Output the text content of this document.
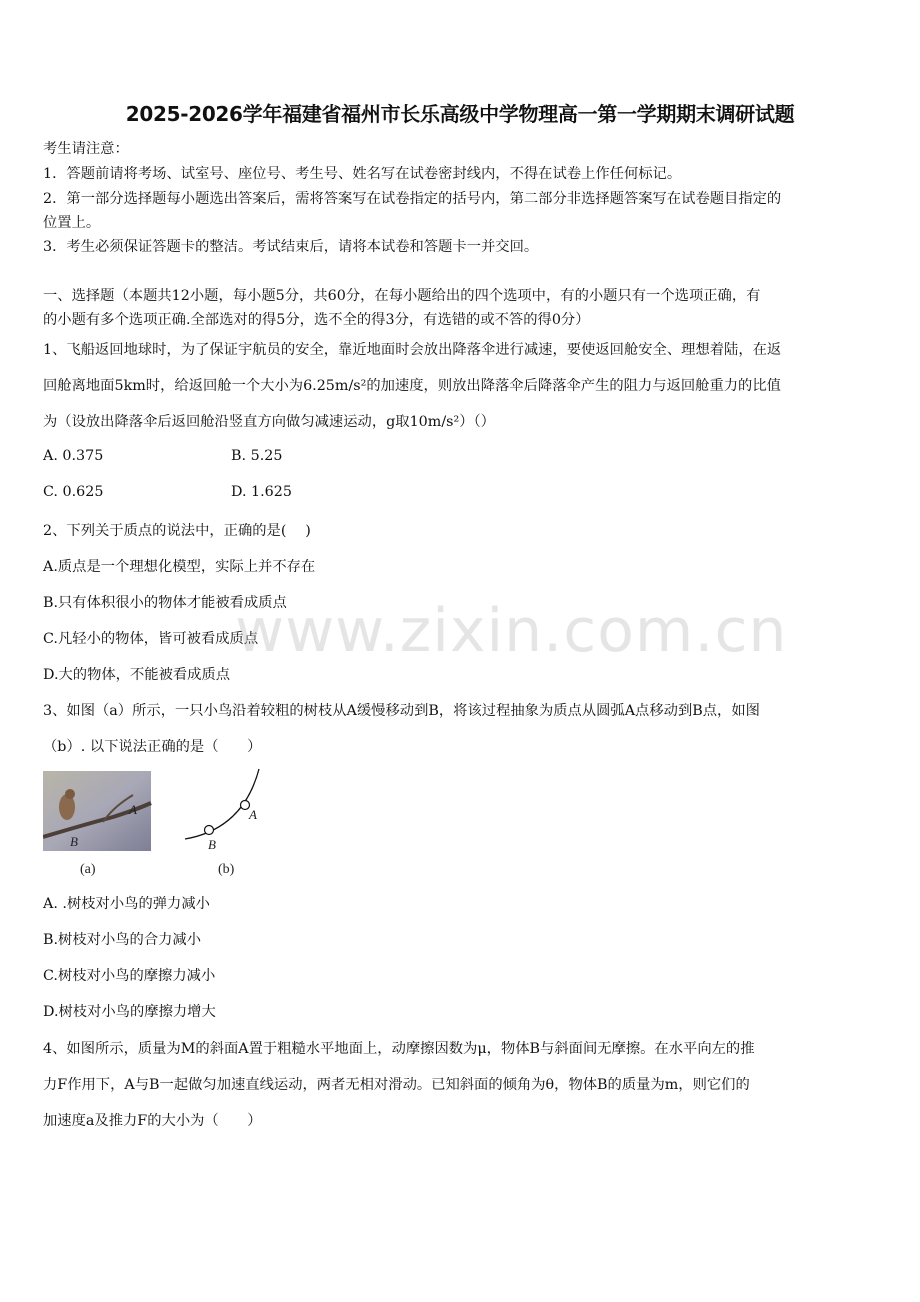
2025-2026学年福建省福州市长乐高级中学物理高一第一学期期末调研试题
考生请注意：
1．答题前请将考场、试室号、座位号、考生号、姓名写在试卷密封线内，不得在试卷上作任何标记。
2．第一部分选择题每小题选出答案后，需将答案写在试卷指定的括号内，第二部分非选择题答案写在试卷题目指定的
位置上。
3．考生必须保证答题卡的整洁。考试结束后，请将本试卷和答题卡一并交回。
一、选择题（本题共12小题，每小题5分，共60分，在每小题给出的四个选项中，有的小题只有一个选项正确，有
的小题有多个选项正确.全部选对的得5分，选不全的得3分，有选错的或不答的得0分）
1、飞船返回地球时，为了保证宇航员的安全，靠近地面时会放出降落伞进行减速，要使返回舱安全、理想着陆，在返
回舱离地面5km时，给返回舱一个大小为6.25m/s²的加速度，则放出降落伞后降落伞产生的阻力与返回舱重力的比值
为（设放出降落伞后返回舱沿竖直方向做匀减速运动，g取10m/s²）（）
A. 0.375	B. 5.25
C. 0.625	D. 1.625
2、下列关于质点的说法中，正确的是(　 )
A.质点是一个理想化模型，实际上并不存在
B.只有体积很小的物体才能被看成质点
C.凡轻小的物体，皆可被看成质点
D.大的物体，不能被看成质点
www.zixin.com.cn
3、如图（a）所示，一只小鸟沿着较粗的树枝从A缓慢移动到B，将该过程抽象为质点从圆弧A点移动到B点，如图
（b）. 以下说法正确的是（　　）
A
B
A
B
(a)	(b)
A. .树枝对小鸟的弹力减小
B.树枝对小鸟的合力减小
C.树枝对小鸟的摩擦力减小
D.树枝对小鸟的摩擦力增大
4、如图所示，质量为M的斜面A置于粗糙水平地面上，动摩擦因数为μ，物体B与斜面间无摩擦。在水平向左的推
力F作用下，A与B一起做匀加速直线运动，两者无相对滑动。已知斜面的倾角为θ，物体B的质量为m，则它们的
加速度a及推力F的大小为（　　）
